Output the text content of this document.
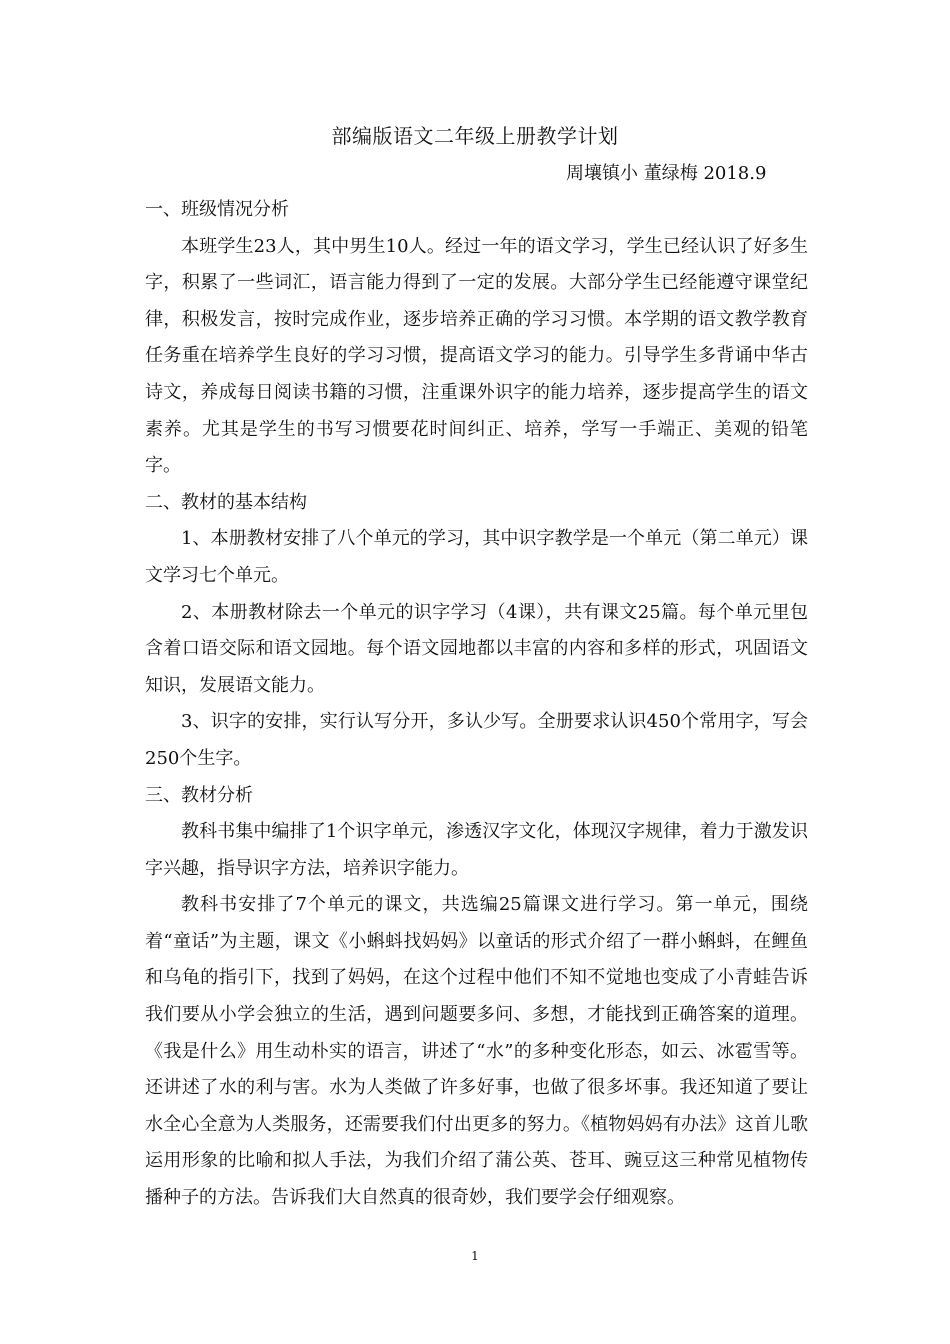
部编版语文二年级上册教学计划
周壤镇小 董绿梅 2018.9

一、班级情况分析

本班学生23人，其中男生10人。经过一年的语文学习，学生已经认识了好多生字，积累了一些词汇，语言能力得到了一定的发展。大部分学生已经能遵守课堂纪律，积极发言，按时完成作业，逐步培养正确的学习习惯。本学期的语文教学教育任务重在培养学生良好的学习习惯，提高语文学习的能力。引导学生多背诵中华古诗文，养成每日阅读书籍的习惯，注重课外识字的能力培养，逐步提高学生的语文素养。尤其是学生的书写习惯要花时间纠正、培养，学写一手端正、美观的铅笔字。

二、教材的基本结构

1、本册教材安排了八个单元的学习，其中识字教学是一个单元（第二单元）课文学习七个单元。

2、本册教材除去一个单元的识字学习（4课），共有课文25篇。每个单元里包含着口语交际和语文园地。每个语文园地都以丰富的内容和多样的形式，巩固语文知识，发展语文能力。

3、识字的安排，实行认写分开，多认少写。全册要求认识450个常用字，写会250个生字。

三、教材分析

教科书集中编排了1个识字单元，渗透汉字文化，体现汉字规律，着力于激发识字兴趣，指导识字方法，培养识字能力。

教科书安排了7个单元的课文，共选编25篇课文进行学习。第一单元，围绕着“童话”为主题，课文《小蝌蚪找妈妈》以童话的形式介绍了一群小蝌蚪，在鲤鱼和乌龟的指引下，找到了妈妈，在这个过程中他们不知不觉地也变成了小青蛙告诉我们要从小学会独立的生活，遇到问题要多问、多想，才能找到正确答案的道理。《我是什么》用生动朴实的语言，讲述了“水”的多种变化形态，如云、冰雹雪等。还讲述了水的利与害。水为人类做了许多好事，也做了很多坏事。我还知道了要让水全心全意为人类服务，还需要我们付出更多的努力。《植物妈妈有办法》这首儿歌运用形象的比喻和拟人手法，为我们介绍了蒲公英、苍耳、豌豆这三种常见植物传播种子的方法。告诉我们大自然真的很奇妙，我们要学会仔细观察。

1
